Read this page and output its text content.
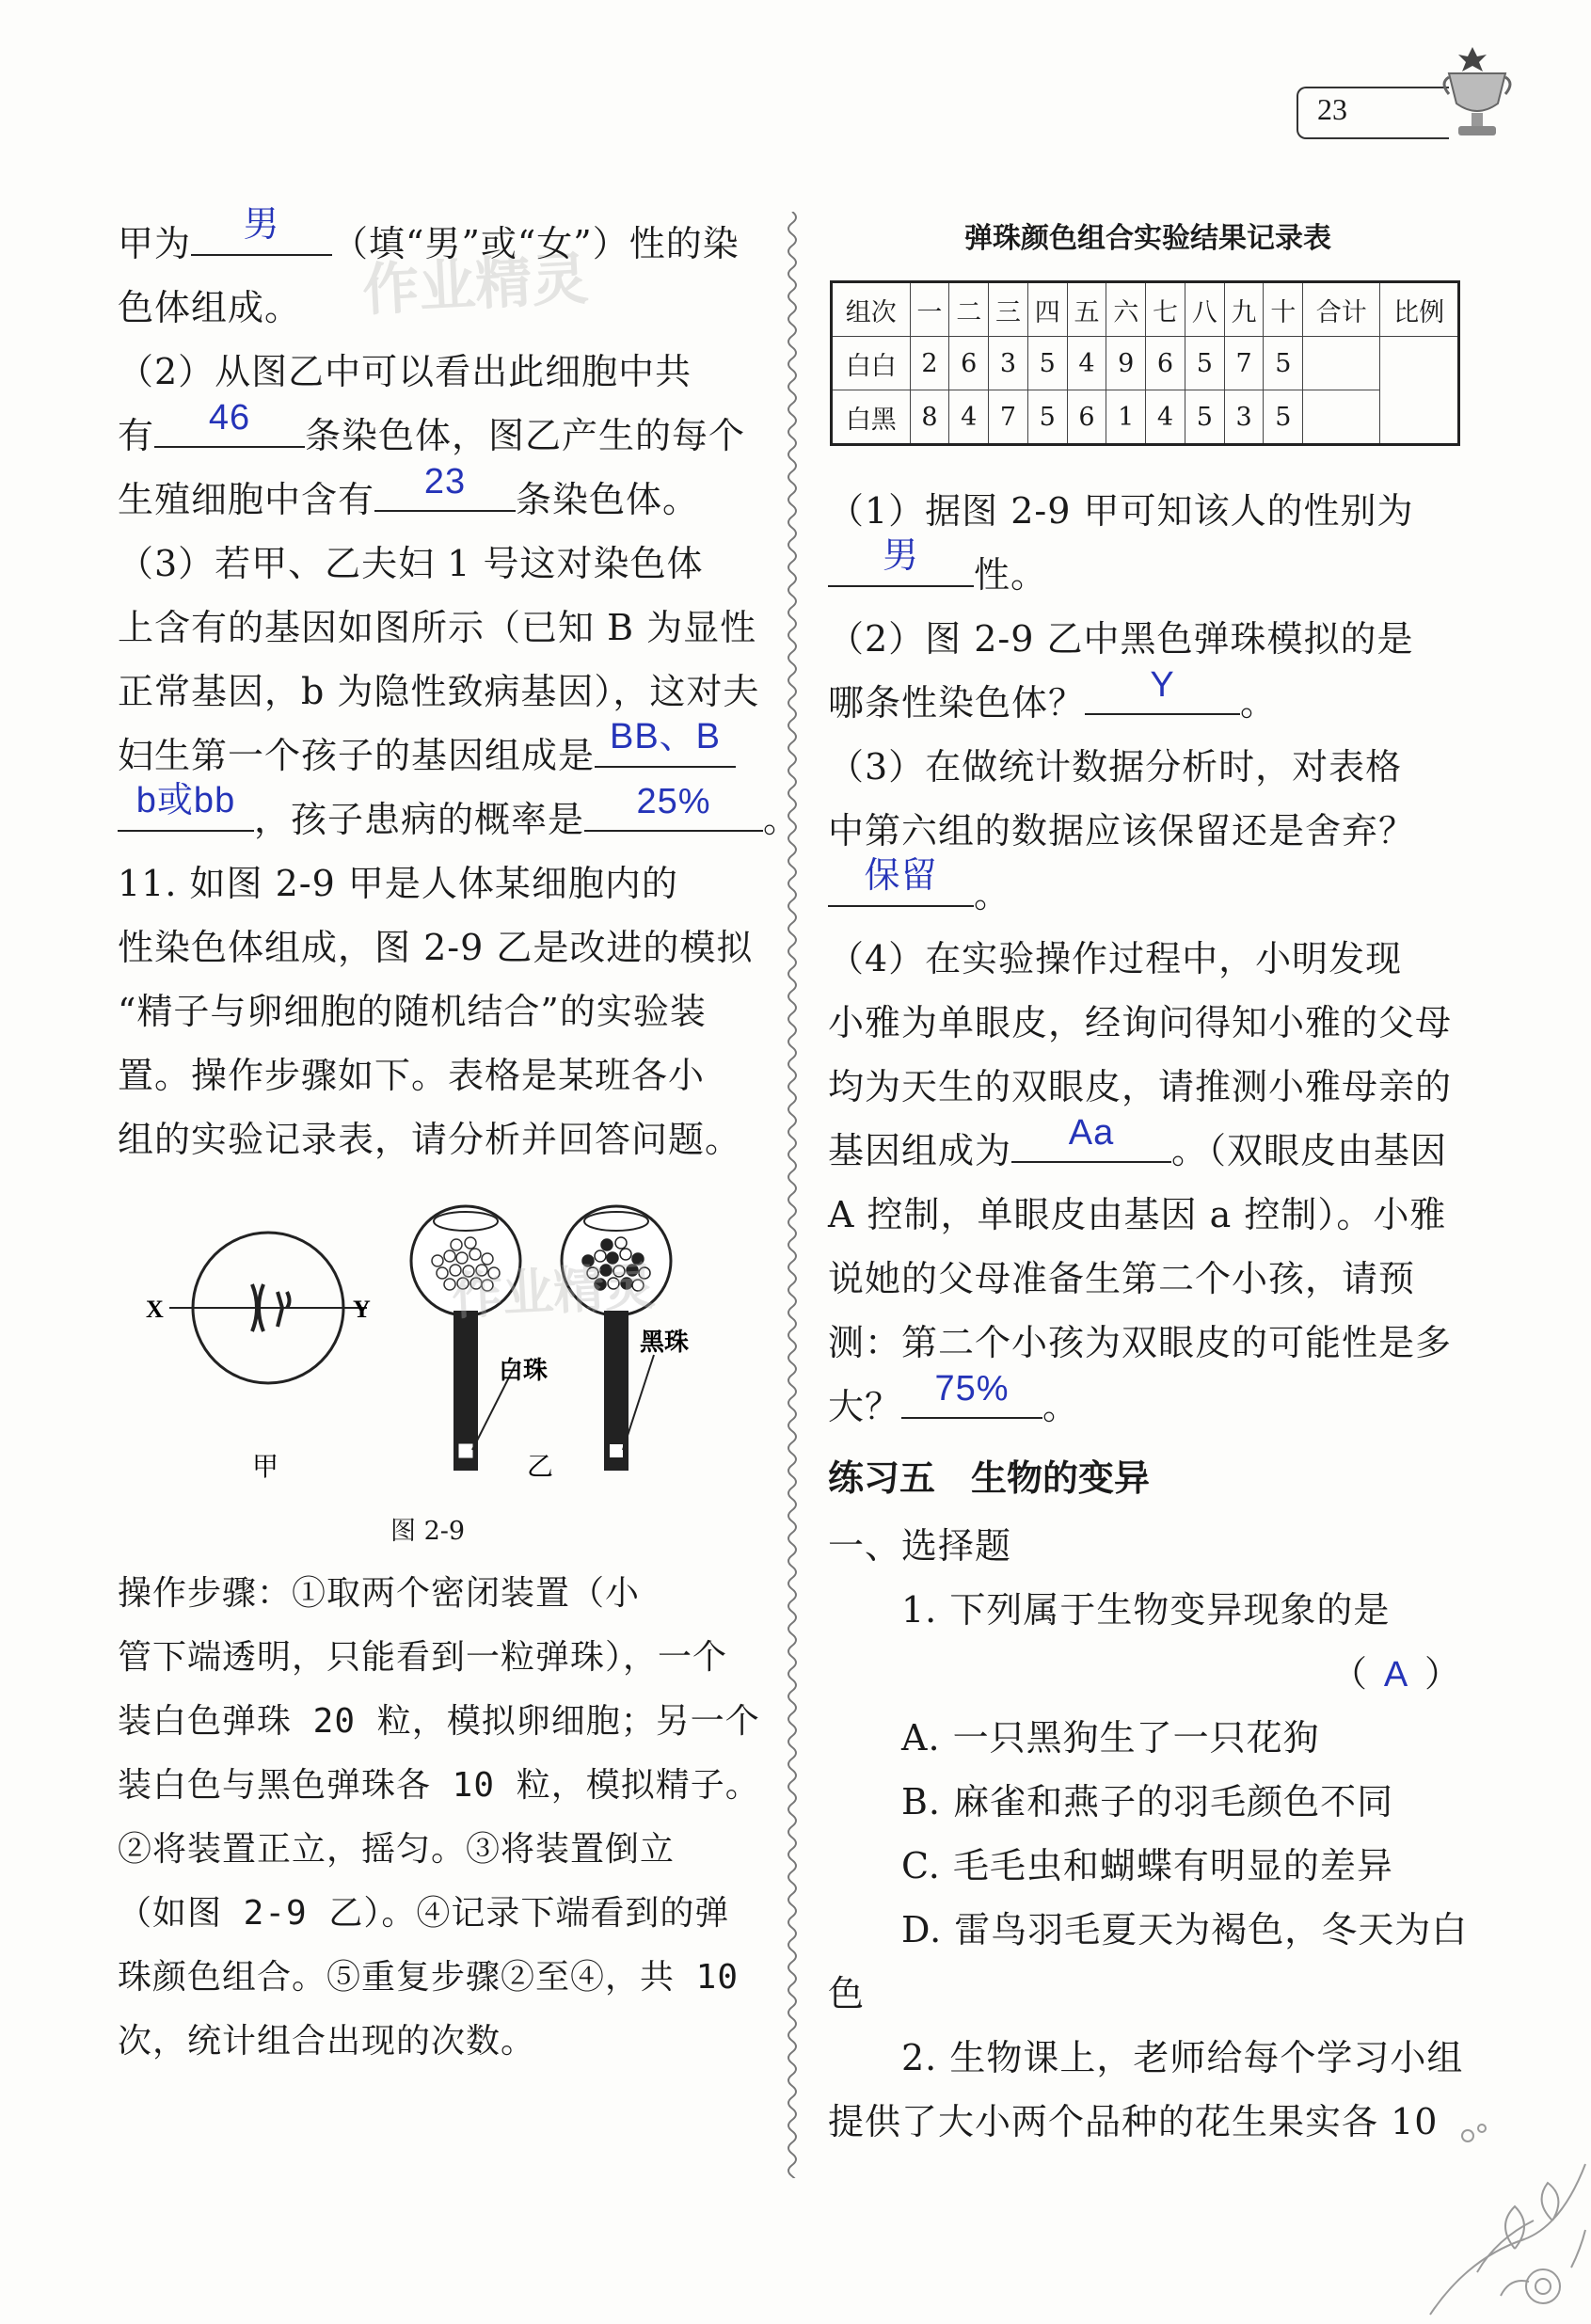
23
作业精灵
甲为	男	（填“男”或“女”）性的染
色体组成。
（2）从图乙中可以看出此细胞中共
有	46	条染色体，图乙产生的每个
生殖细胞中含有	23	条染色体。
（3）若甲、乙夫妇 1 号这对染色体
上含有的基因如图所示（已知 B 为显性
正常基因，b 为隐性致病基因），这对夫
妇生第一个孩子的基因组成是 BB、B
b或bb ，孩子患病的概率是	25%	。
11. 如图 2-9 甲是人体某细胞内的
性染色体组成，图 2-9 乙是改进的模拟
“精子与卵细胞的随机结合”的实验装
置。操作步骤如下。表格是某班各小
组的实验记录表，请分析并回答问题。
X	Y
甲
白珠
黑珠
乙
作业精灵
图 2-9
操作步骤：①取两个密闭装置（小
管下端透明，只能看到一粒弹珠），一个
装白色弹珠 20 粒，模拟卵细胞；另一个
装白色与黑色弹珠各 10 粒，模拟精子。
②将装置正立，摇匀。③将装置倒立
（如图 2-9 乙）。④记录下端看到的弹
珠颜色组合。⑤重复步骤②至④，共 10
次，统计组合出现的次数。
弹珠颜色组合实验结果记录表
组次	一	二	三	四	五	六	七	八	九	十	合计	比例
白白	2	6	3	5	4	9	6	5	7	5		
白黑	8	4	7	5	6	1	4	5	3	5		
（1）据图 2-9 甲可知该人的性别为
男	性。
（2）图 2-9 乙中黑色弹珠模拟的是
哪条性染色体？	Y	。
（3）在做统计数据分析时，对表格
中第六组的数据应该保留还是舍弃？
保留	。
（4）在实验操作过程中，小明发现
小雅为单眼皮，经询问得知小雅的父母
均为天生的双眼皮，请推测小雅母亲的
基因组成为	Aa	。（双眼皮由基因
A 控制，单眼皮由基因 a 控制）。小雅
说她的父母准备生第二个小孩，请预
测：第二个小孩为双眼皮的可能性是多
大？ 75% 。
练习五　生物的变异
一、选择题
1. 下列属于生物变异现象的是
（ A ）
A. 一只黑狗生了一只花狗
B. 麻雀和燕子的羽毛颜色不同
C. 毛毛虫和蝴蝶有明显的差异
D. 雷鸟羽毛夏天为褐色，冬天为白
色
2. 生物课上，老师给每个学习小组
提供了大小两个品种的花生果实各 10
